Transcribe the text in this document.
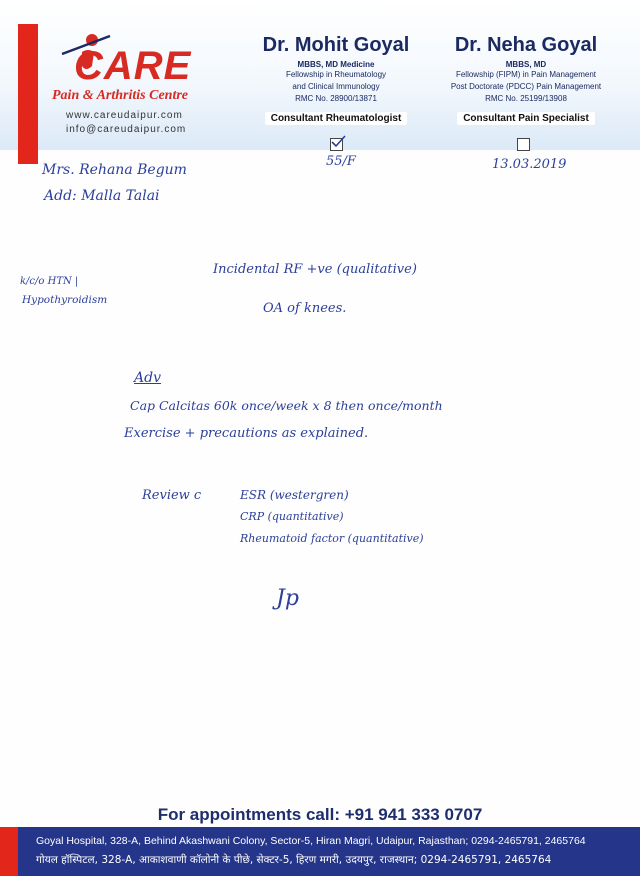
CARE
Pain & Arthritis Centre
www.careudaipur.com
info@careudaipur.com
Dr. Mohit Goyal
MBBS, MD Medicine
Fellowship in Rheumatology
and Clinical Immunology
RMC No. 28900/13871
Consultant Rheumatologist
Dr. Neha Goyal
MBBS, MD
Fellowship (FIPM) in Pain Management
Post Doctorate (PDCC) Pain Management
RMC No. 25199/13908
Consultant Pain Specialist
55/F	13.03.2019
Mrs. Rehana Begum
Add: Malla Talai
k/c/o HTN |
Hypothyroidism
Incidental RF +ve (qualitative)
OA of knees.
Adv
Cap Calcitas 60k once/week x 8 then once/month
Exercise + precautions as explained.
Review c	ESR (westergren)
CRP (quantitative)
Rheumatoid factor (quantitative)
Jp
For appointments call: +91 941 333 0707
Goyal Hospital, 328-A, Behind Akashwani Colony, Sector-5, Hiran Magri, Udaipur, Rajasthan; 0294-2465791, 2465764
गोयल हॉस्पिटल, 328-A, आकाशवाणी कॉलोनी के पीछे, सेक्टर-5, हिरण मगरी, उदयपुर, राजस्थान; 0294-2465791, 2465764
